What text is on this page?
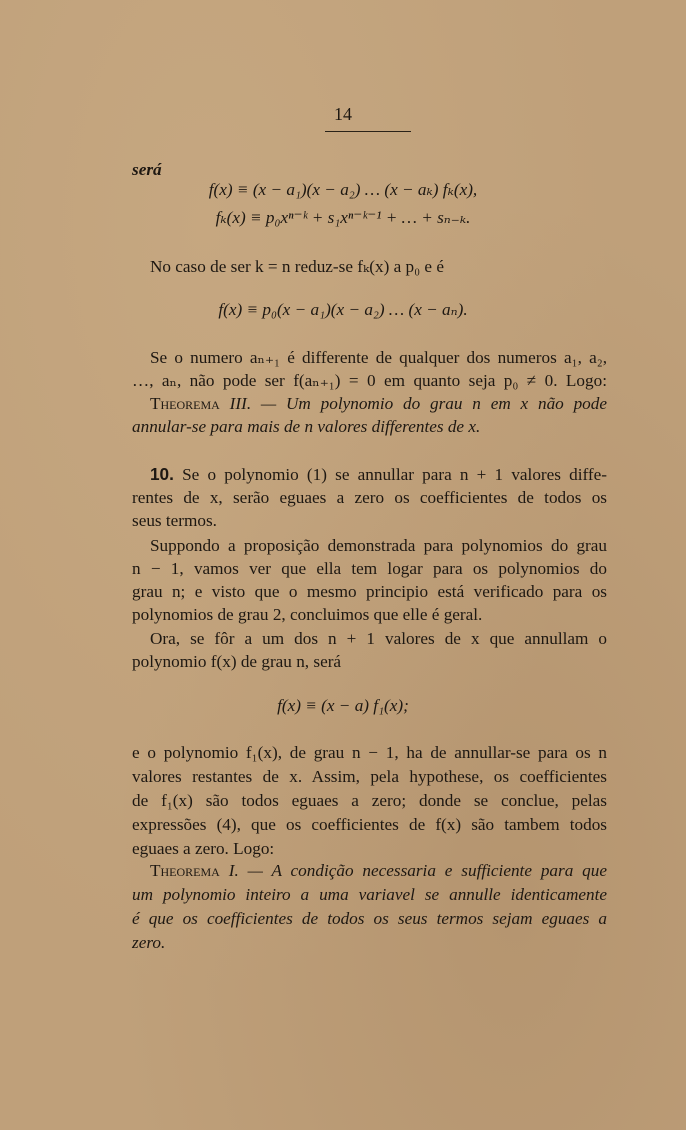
14
será
f(x) ≡ (x − a₁)(x − a₂) … (x − aₖ) fₖ(x),
fₖ(x) ≡ p₀xⁿ⁻ᵏ + s₁xⁿ⁻ᵏ⁻¹ + … + sₙ₋ₖ.
No caso de ser k = n reduz-se fₖ(x) a p₀ e é
f(x) ≡ p₀(x − a₁)(x − a₂) … (x − aₙ).
Se o numero aₙ₊₁ é differente de qualquer dos numeros a₁, a₂,
…, aₙ, não pode ser f(aₙ₊₁) = 0 em quanto seja p₀ ≠ 0. Logo:
Theorema III. — Um polynomio do grau n em x não pode
annular-se para mais de n valores differentes de x.
10. Se o polynomio (1) se annullar para n + 1 valores diffe-
rentes de x, serão eguaes a zero os coefficientes de todos os
seus termos.
Suppondo a proposição demonstrada para polynomios do grau
n − 1, vamos ver que ella tem logar para os polynomios do
grau n; e visto que o mesmo principio está verificado para os
polynomios de grau 2, concluimos que elle é geral.
Ora, se fôr a um dos n + 1 valores de x que annullam o
polynomio f(x) de grau n, será
f(x) ≡ (x − a) f₁(x);
e o polynomio f₁(x), de grau n − 1, ha de annullar-se para os n
valores restantes de x. Assim, pela hypothese, os coefficientes
de f₁(x) são todos eguaes a zero; donde se conclue, pelas
expressões (4), que os coefficientes de f(x) são tambem todos
eguaes a zero. Logo:
Theorema I. — A condição necessaria e sufficiente para que
um polynomio inteiro a uma variavel se annulle identicamente
é que os coefficientes de todos os seus termos sejam eguaes a
zero.
